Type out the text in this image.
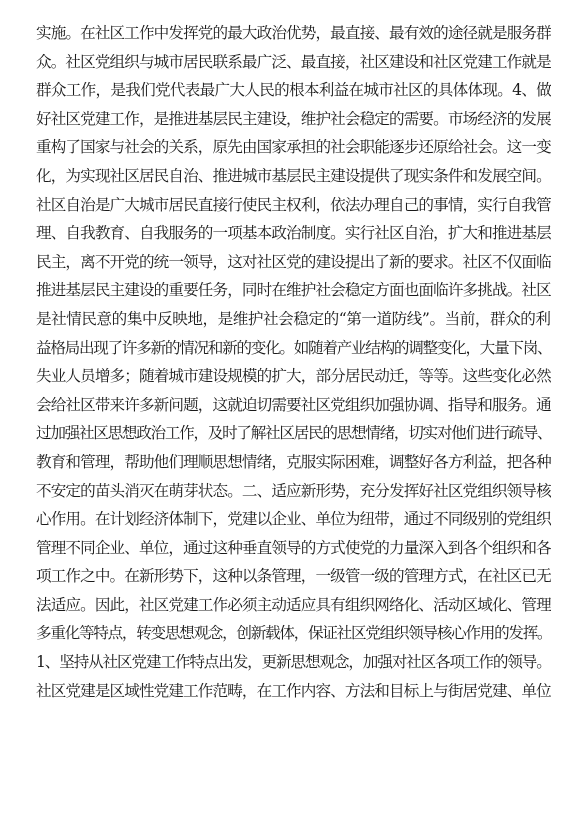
实施。在社区工作中发挥党的最大政治优势，最直接、最有效的途径就是服务群
众。社区党组织与城市居民联系最广泛、最直接，社区建设和社区党建工作就是
群众工作，是我们党代表最广大人民的根本利益在城市社区的具体体现。4、做
好社区党建工作，是推进基层民主建设，维护社会稳定的需要。市场经济的发展
重构了国家与社会的关系，原先由国家承担的社会职能逐步还原给社会。这一变
化，为实现社区居民自治、推进城市基层民主建设提供了现实条件和发展空间。
社区自治是广大城市居民直接行使民主权利，依法办理自己的事情，实行自我管
理、自我教育、自我服务的一项基本政治制度。实行社区自治，扩大和推进基层
民主，离不开党的统一领导，这对社区党的建设提出了新的要求。社区不仅面临
推进基层民主建设的重要任务，同时在维护社会稳定方面也面临许多挑战。社区
是社情民意的集中反映地，是维护社会稳定的“第一道防线”。当前，群众的利
益格局出现了许多新的情况和新的变化。如随着产业结构的调整变化，大量下岗、
失业人员增多；随着城市建设规模的扩大，部分居民动迁，等等。这些变化必然
会给社区带来许多新问题，这就迫切需要社区党组织加强协调、指导和服务。通
过加强社区思想政治工作，及时了解社区居民的思想情绪，切实对他们进行疏导、
教育和管理，帮助他们理顺思想情绪，克服实际困难，调整好各方利益，把各种
不安定的苗头消灭在萌芽状态。二、适应新形势，充分发挥好社区党组织领导核
心作用。在计划经济体制下，党建以企业、单位为纽带，通过不同级别的党组织
管理不同企业、单位，通过这种垂直领导的方式使党的力量深入到各个组织和各
项工作之中。在新形势下，这种以条管理，一级管一级的管理方式，在社区已无
法适应。因此，社区党建工作必须主动适应具有组织网络化、活动区域化、管理
多重化等特点，转变思想观念，创新载体，保证社区党组织领导核心作用的发挥。
1、坚持从社区党建工作特点出发，更新思想观念，加强对社区各项工作的领导。
社区党建是区域性党建工作范畴，在工作内容、方法和目标上与街居党建、单位
